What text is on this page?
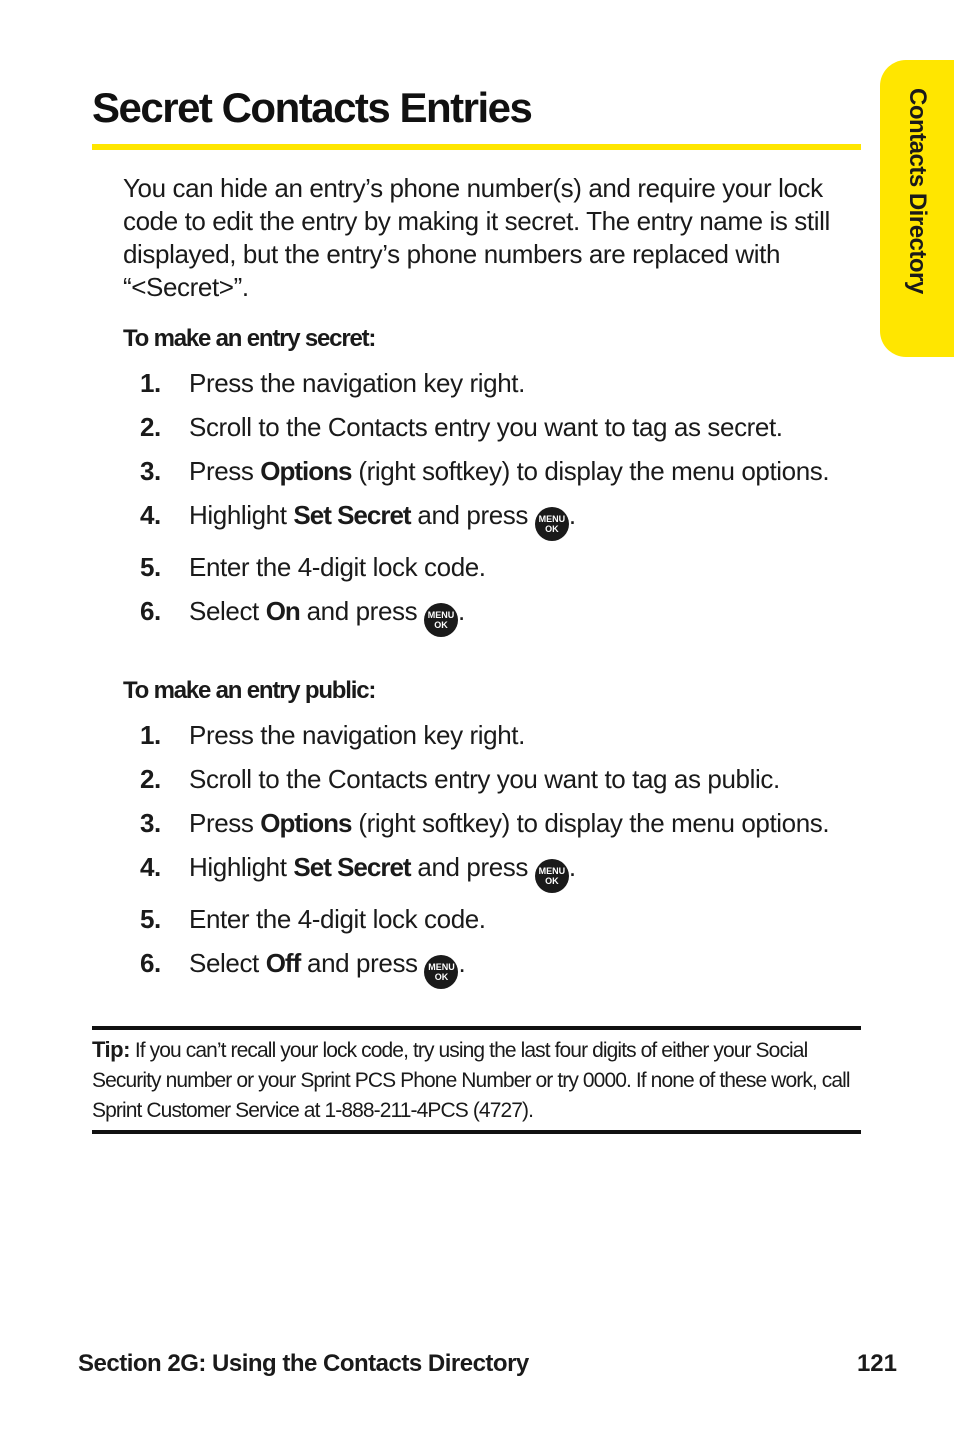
Contacts Directory
Secret Contacts Entries

You can hide an entry’s phone number(s) and require your lock code to edit the entry by making it secret. The entry name is still displayed, but the entry’s phone numbers are replaced with “<Secret>”.

To make an entry secret:
1. Press the navigation key right.
2. Scroll to the Contacts entry you want to tag as secret.
3. Press Options (right softkey) to display the menu options.
4. Highlight Set Secret and press MENU
OK .
5. Enter the 4-digit lock code.
6. Select On and press MENU
OK .
To make an entry public:
1. Press the navigation key right.
2. Scroll to the Contacts entry you want to tag as public.
3. Press Options (right softkey) to display the menu options.
4. Highlight Set Secret and press MENU
OK .
5. Enter the 4-digit lock code.
6. Select Off and press MENU
OK .

Tip: If you can’t recall your lock code, try using the last four digits of either your Social Security number or your Sprint PCS Phone Number or try 0000. If none of these work, call Sprint Customer Service at 1-888-211-4PCS (4727).

Section 2G: Using the Contacts Directory	121
